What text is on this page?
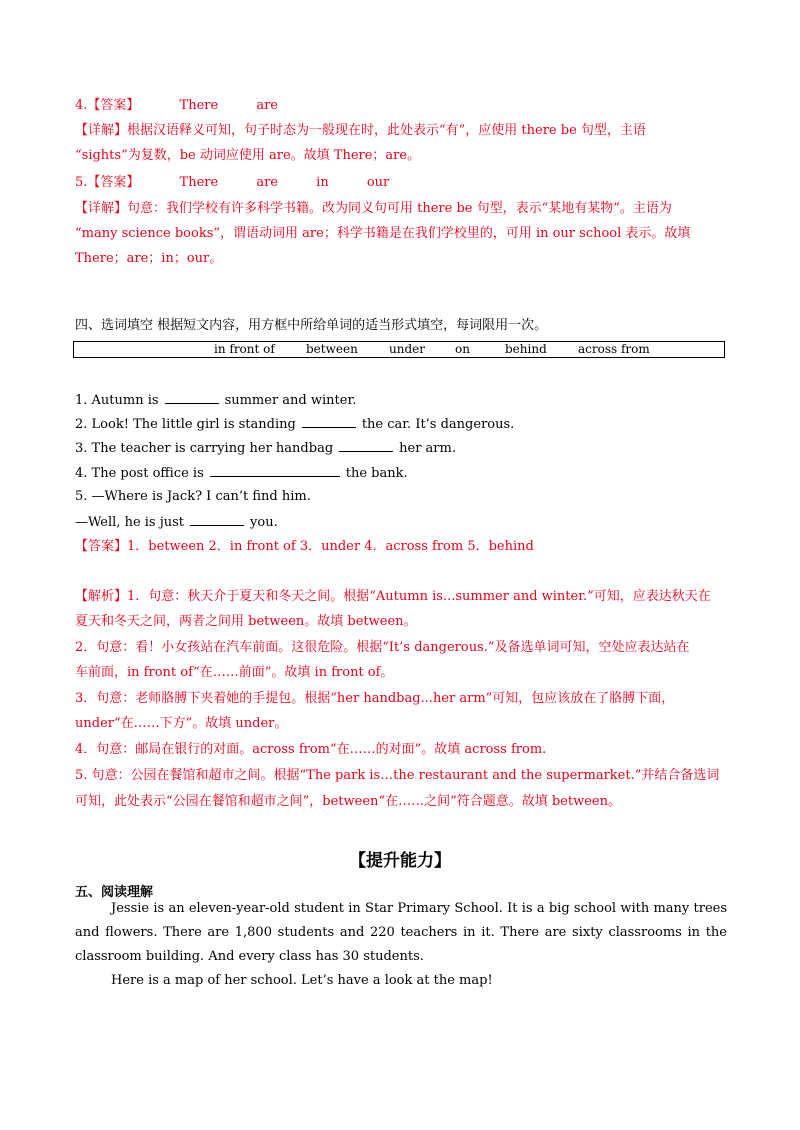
4.【答案】	There	are
【详解】根据汉语释义可知，句子时态为一般现在时，此处表示“有”，应使用 there be 句型，主语
“sights”为复数，be 动词应使用 are。故填 There；are。
5.【答案】	There	are	in	our
【详解】句意：我们学校有许多科学书籍。改为同义句可用 there be 句型，表示“某地有某物”。主语为
“many science books”，谓语动词用 are；科学书籍是在我们学校里的，可用 in our school 表示。故填
There；are；in；our。
四、选词填空 根据短文内容，用方框中所给单词的适当形式填空，每词限用一次。
in front of	between	under	on	behind	across from
1. Autumn is	summer and winter.
2. Look! The little girl is standing	the car. It’s dangerous.
3. The teacher is carrying her handbag	her arm.
4. The post office is	the bank.
5. —Where is Jack? I can’t find him.
—Well, he is just	you.
【答案】1．between 2．in front of 3．under 4．across from 5．behind
【解析】1．句意：秋天介于夏天和冬天之间。根据“Autumn is...summer and winter.”可知，应表达秋天在
夏天和冬天之间，两者之间用 between。故填 between。
2．句意：看！小女孩站在汽车前面。这很危险。根据“It’s dangerous.”及备选单词可知，空处应表达站在
车前面，in front of“在……前面”。故填 in front of。
3．句意：老师胳膊下夹着她的手提包。根据“her handbag...her arm”可知，包应该放在了胳膊下面，
under“在……下方”。故填 under。
4．句意：邮局在银行的对面。across from“在……的对面”。故填 across from.
5. 句意：公园在餐馆和超市之间。根据“The park is…the restaurant and the supermarket.”并结合备选词
可知，此处表示“公园在餐馆和超市之间”，between“在……之间”符合题意。故填 between。
【提升能力】
五、阅读理解
Jessie is an eleven-year-old student in Star Primary School. It is a big school with many trees and flowers. There are 1,800 students and 220 teachers in it. There are sixty classrooms in the classroom building. And every class has 30 students.
Here is a map of her school. Let’s have a look at the map!
